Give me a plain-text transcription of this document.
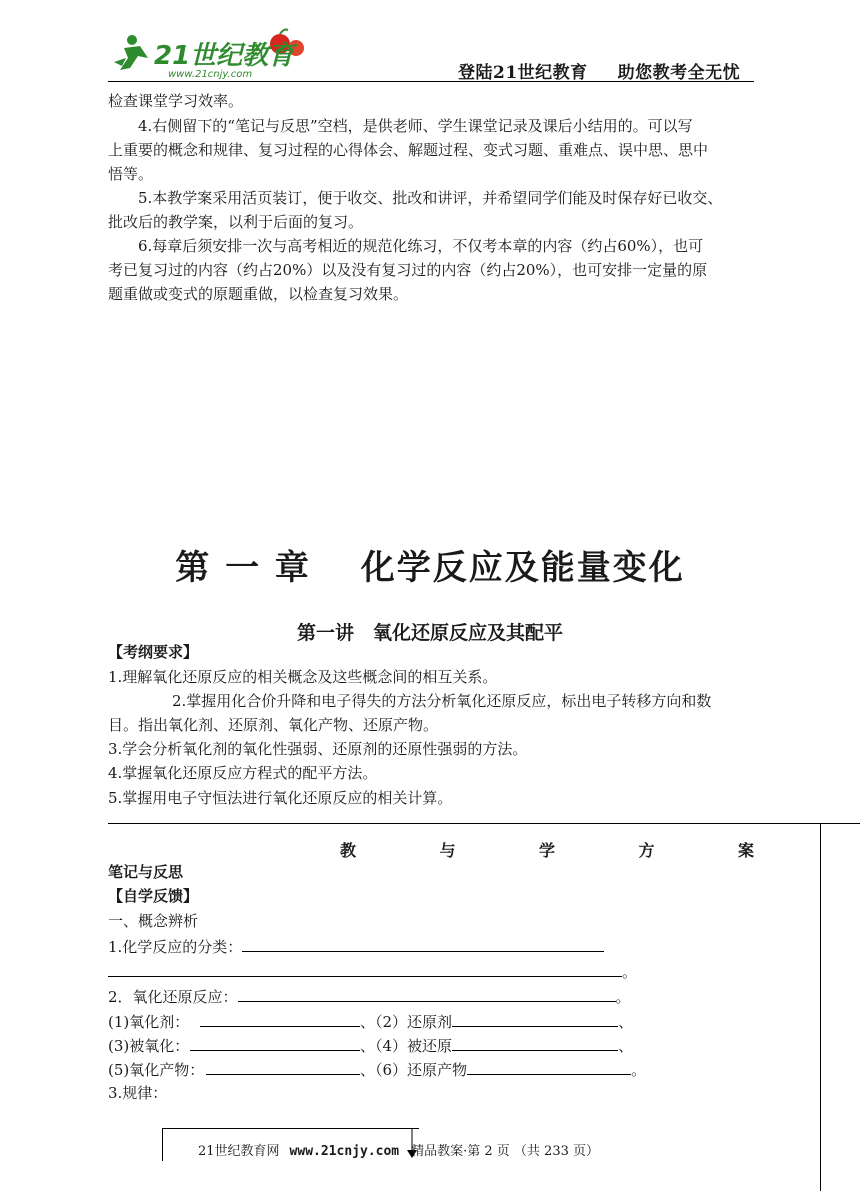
21世纪教育
www.21cnjy.com	登陆21世纪教育 助您教考全无忧
检查课堂学习效率。
4.右侧留下的“笔记与反思”空档，是供老师、学生课堂记录及课后小结用的。可以写
上重要的概念和规律、复习过程的心得体会、解题过程、变式习题、重难点、误中思、思中
悟等。
5.本教学案采用活页装订，便于收交、批改和讲评，并希望同学们能及时保存好已收交、
批改后的教学案，以利于后面的复习。
6.每章后须安排一次与高考相近的规范化练习，不仅考本章的内容（约占60%），也可
考已复习过的内容（约占20%）以及没有复习过的内容（约占20%），也可安排一定量的原
题重做或变式的原题重做，以检查复习效果。
第 一 章　 化学反应及能量变化
第一讲　氧化还原反应及其配平
【考纲要求】
1.理解氧化还原反应的相关概念及这些概念间的相互关系。
2.掌握用化合价升降和电子得失的方法分析氧化还原反应，标出电子转移方向和数
目。指出氧化剂、还原剂、氧化产物、还原产物。
3.学会分析氧化剂的氧化性强弱、还原剂的还原性强弱的方法。
4.掌握氧化还原反应方程式的配平方法。
5.掌握用电子守恒法进行氧化还原反应的相关计算。
教	与	学	方	案
笔记与反思
【自学反馈】
一、概念辨析
1.化学反应的分类：
。
2．氧化还原反应：	。
(1)氧化剂：	、（2）还原剂	、
(3)被氧化：	、（4）被还原	、
(5)氧化产物：	、（6）还原产物	。
3.规律：
21世纪教育网 www.21cnjy.com 精品教案·第 2 页 （共 233 页）
